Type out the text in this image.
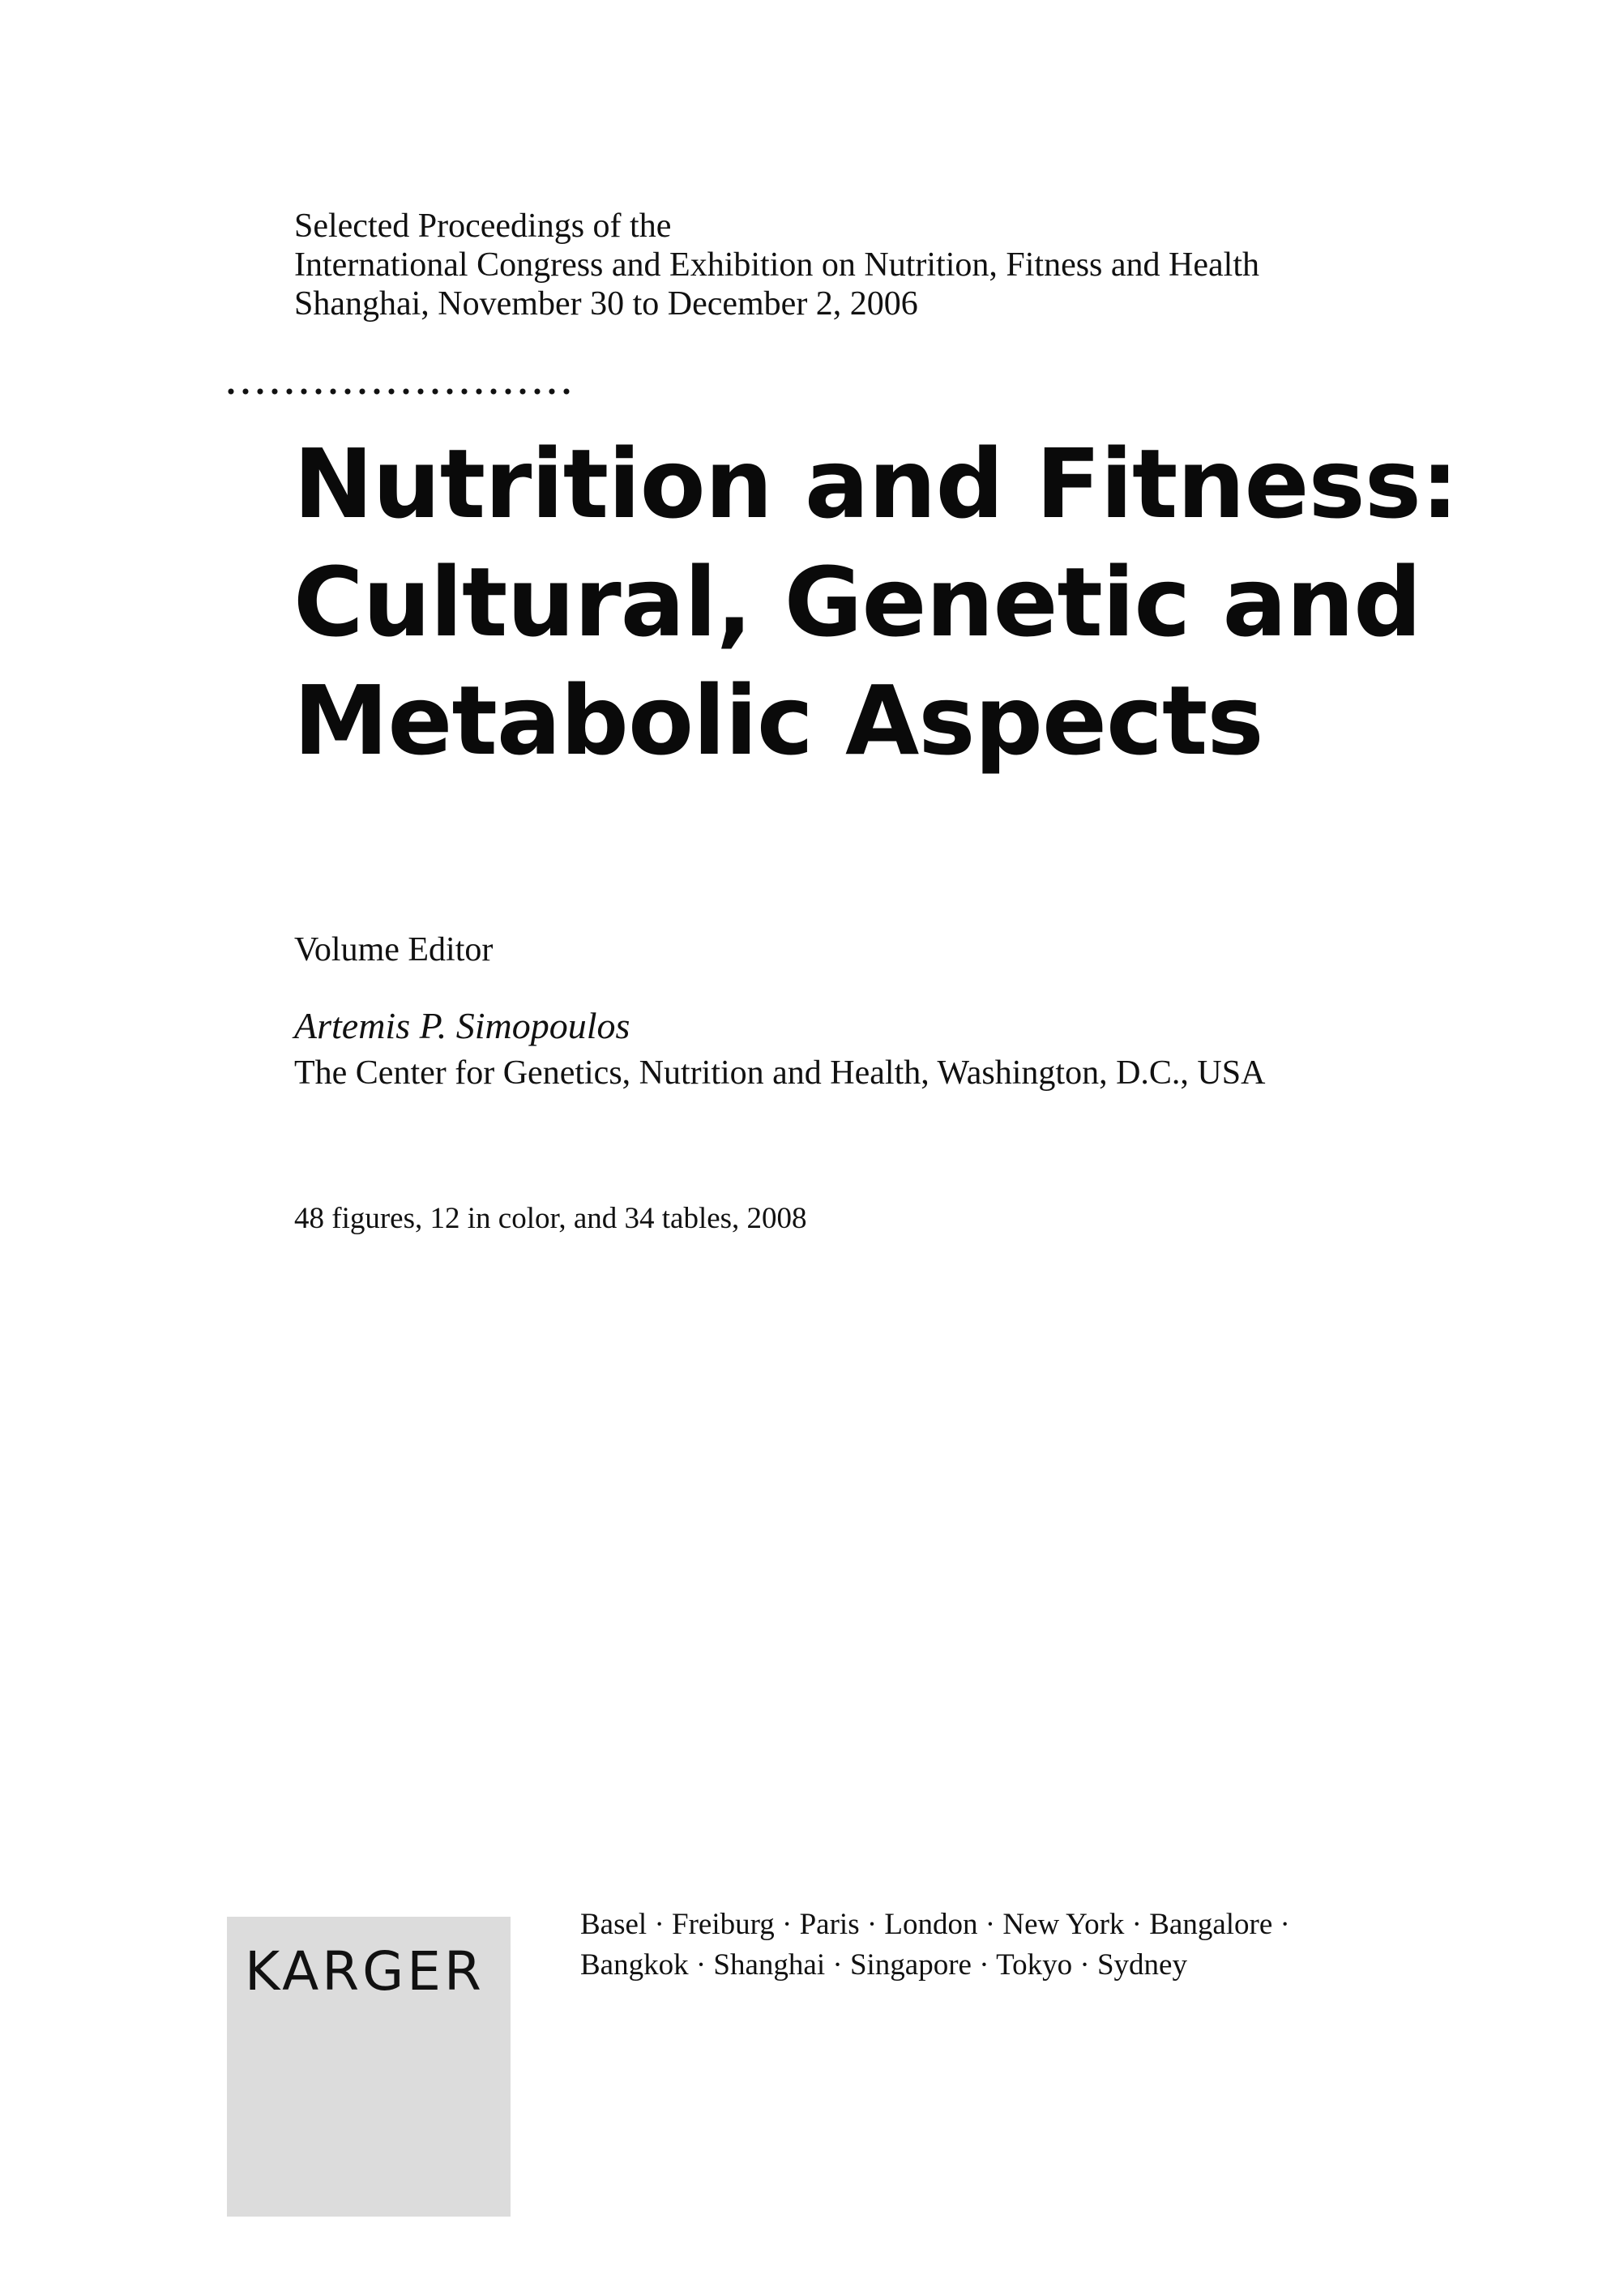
Selected Proceedings of the
International Congress and Exhibition on Nutrition, Fitness and Health
Shanghai, November 30 to December 2, 2006
Nutrition and Fitness:
Cultural, Genetic and
Metabolic Aspects
Volume Editor
Artemis P. Simopoulos
The Center for Genetics, Nutrition and Health, Washington, D.C., USA
48 figures, 12 in color, and 34 tables, 2008
KARGER
Basel · Freiburg · Paris · London · New York · Bangalore ·
Bangkok · Shanghai · Singapore · Tokyo · Sydney
